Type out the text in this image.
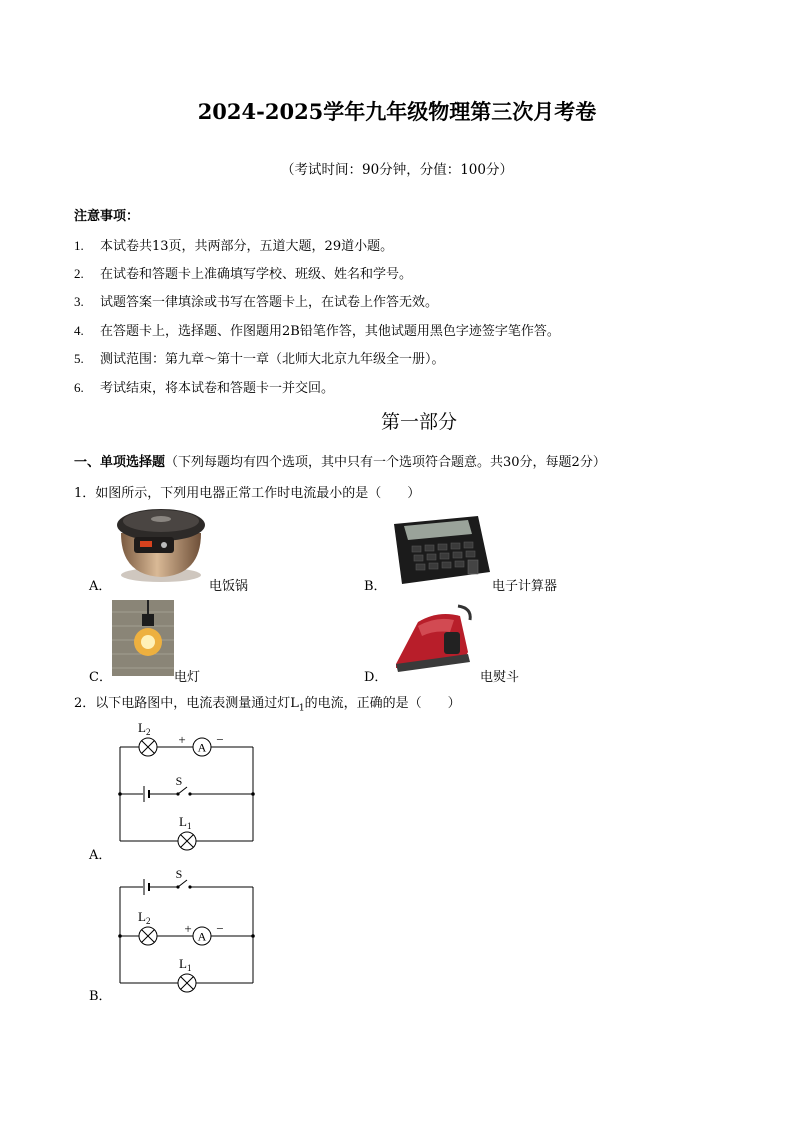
2024-2025学年九年级物理第三次月考卷
（考试时间：90分钟，分值：100分）
注意事项：
1. 本试卷共13页，共两部分，五道大题，29道小题。
2. 在试卷和答题卡上准确填写学校、班级、姓名和学号。
3. 试题答案一律填涂或书写在答题卡上，在试卷上作答无效。
4. 在答题卡上，选择题、作图题用2B铅笔作答，其他试题用黑色字迹签字笔作答。
5. 测试范围：第九章～第十一章（北师大北京九年级全一册）。
6. 考试结束，将本试卷和答题卡一并交回。
第一部分
一、单项选择题（下列每题均有四个选项，其中只有一个选项符合题意。共30分，每题2分）
1．如图所示，下列用电器正常工作时电流最小的是（　　）
A．	电饭锅	B．	电子计算器
C．	电灯	D．	电熨斗
2．以下电路图中，电流表测量通过灯$L_1$的电流，正确的是（　　）
A
+ −
S
$L_2$
$L_1$
A．
S
A
+ −
$L_2$
$L_1$
B．
